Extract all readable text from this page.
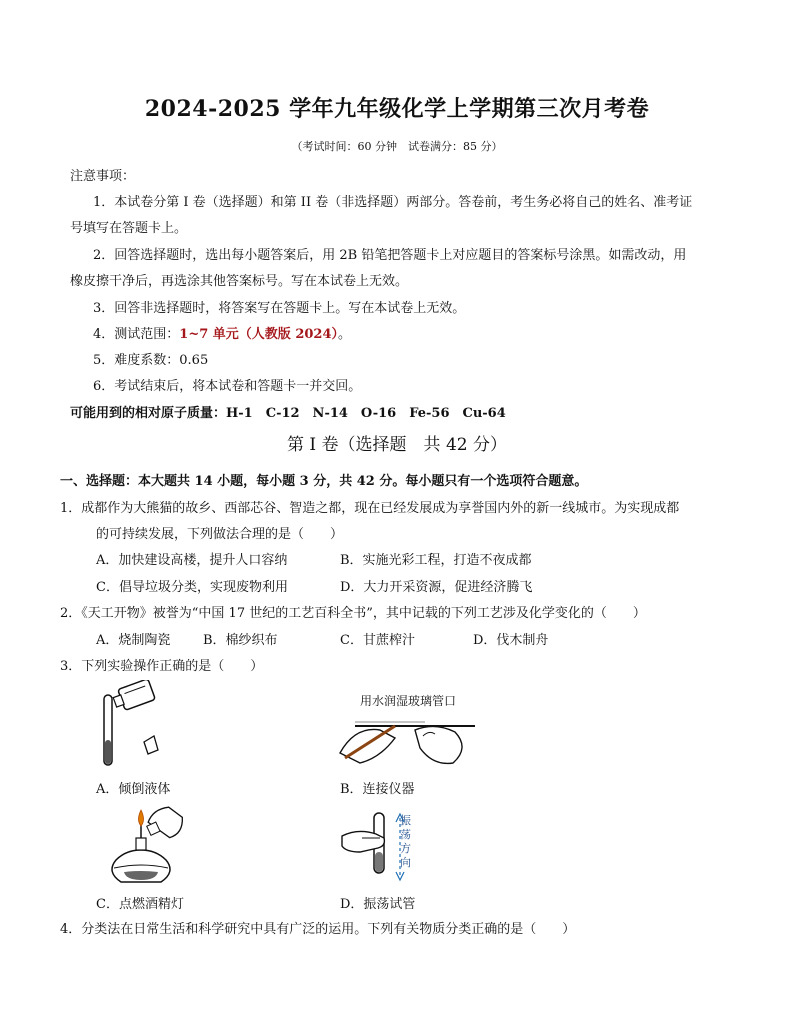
2024-2025 学年九年级化学上学期第三次月考卷
（考试时间：60 分钟　试卷满分：85 分）
注意事项：
1．本试卷分第 I 卷（选择题）和第 II 卷（非选择题）两部分。答卷前，考生务必将自己的姓名、准考证
号填写在答题卡上。
2．回答选择题时，选出每小题答案后，用 2B 铅笔把答题卡上对应题目的答案标号涂黑。如需改动，用
橡皮擦干净后，再选涂其他答案标号。写在本试卷上无效。
3．回答非选择题时，将答案写在答题卡上。写在本试卷上无效。
4．测试范围：1~7 单元（人教版 2024）。
5．难度系数：0.65
6．考试结束后，将本试卷和答题卡一并交回。
可能用到的相对原子质量：H-1　C-12　N-14　O-16　Fe-56　Cu-64
第 I 卷（选择题　共 42 分）
一、选择题：本大题共 14 小题，每小题 3 分，共 42 分。每小题只有一个选项符合题意。
1．成都作为大熊猫的故乡、西部芯谷、智造之都，现在已经发展成为享誉国内外的新一线城市。为实现成都
的可持续发展，下列做法合理的是（　　）
A．加快建设高楼，提升人口容纳	B．实施光彩工程，打造不夜成都
C．倡导垃圾分类，实现废物利用	D．大力开采资源，促进经济腾飞
2．《天工开物》被誉为“中国 17 世纪的工艺百科全书”，其中记载的下列工艺涉及化学变化的（　　）
A．烧制陶瓷	B．棉纱织布	C．甘蔗榨汁	D．伐木制舟
3．下列实验操作正确的是（　　）
A．倾倒液体
用水润湿玻璃管口
B．连接仪器
C．点燃酒精灯
振
荡
方
向
D．振荡试管
4．分类法在日常生活和科学研究中具有广泛的运用。下列有关物质分类正确的是（　　）
